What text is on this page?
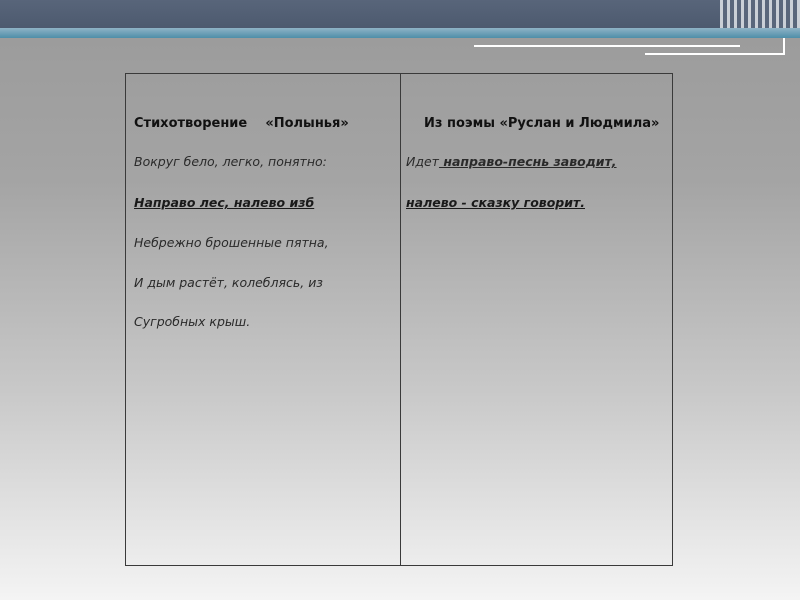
Стихотворение    «Полынья»
Вокруг бело, легко, понятно:
Направо лес, налево изб
Небрежно брошенные пятна,
И дым растёт, колеблясь, из
Сугробных крыш.
Из поэмы «Руслан и Людмила»
Идет направо-песнь заводит,
налево - сказку говорит.
